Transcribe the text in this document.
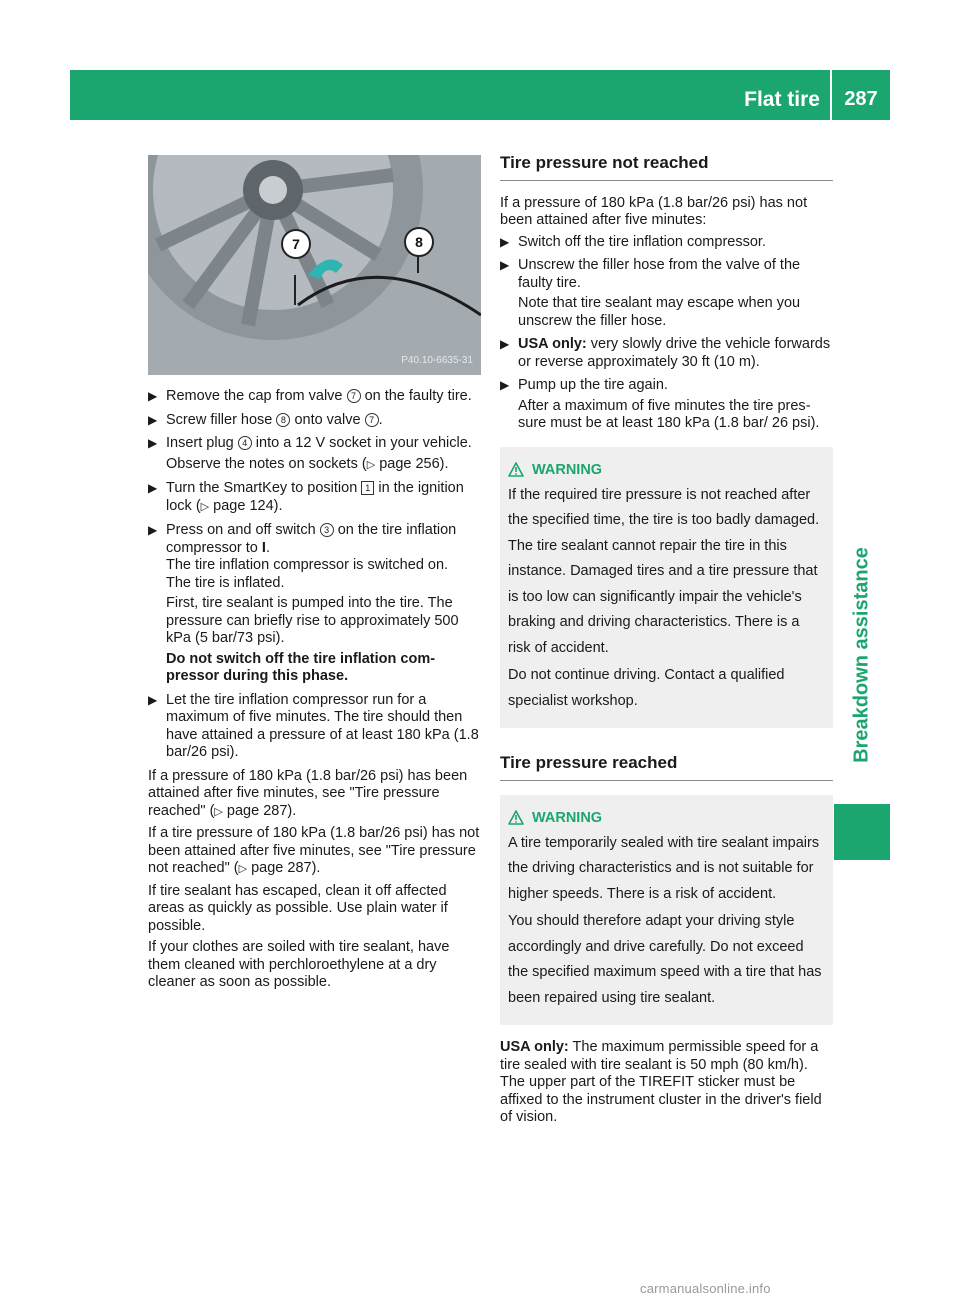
Flat tire	287
Breakdown assistance
7	8
P40.10-6635-31
▶ Remove the cap from valve 7 on the faulty tire.
▶ Screw filler hose 8 onto valve 7 .
▶ Insert plug 4 into a 12 V socket in your vehicle.
Observe the notes on sockets (▷ page 256).
▶ Turn the SmartKey to position 1 in the ignition lock (▷ page 124).
▶ Press on and off switch 3 on the tire inflation compressor to I.
The tire inflation compressor is switched on.
The tire is inflated.
First, tire sealant is pumped into the tire. The pressure can briefly rise to approximately 500 kPa (5 bar/73 psi).
Do not switch off the tire inflation compressor during this phase.
▶ Let the tire inflation compressor run for a maximum of five minutes. The tire should then have attained a pressure of at least 180 kPa (1.8 bar/26 psi).
If a pressure of 180 kPa (1.8 bar/26 psi) has been attained after five minutes, see "Tire pressure reached" (▷ page 287).
If a tire pressure of 180 kPa (1.8 bar/26 psi) has not been attained after five minutes, see "Tire pressure not reached" (▷ page 287).
If tire sealant has escaped, clean it off affected areas as quickly as possible. Use plain water if possible.
If your clothes are soiled with tire sealant, have them cleaned with perchloroethylene at a dry cleaner as soon as possible.
Tire pressure not reached
If a pressure of 180 kPa (1.8 bar/26 psi) has not been attained after five minutes:
▶ Switch off the tire inflation compressor.
▶ Unscrew the filler hose from the valve of the faulty tire.
Note that tire sealant may escape when you unscrew the filler hose.
▶ USA only: very slowly drive the vehicle forwards or reverse approximately 30 ft (10 m).
▶ Pump up the tire again.
After a maximum of five minutes the tire pressure must be at least 180 kPa (1.8 bar/ 26 psi).
WARNING

If the required tire pressure is not reached after the specified time, the tire is too badly damaged. The tire sealant cannot repair the tire in this instance. Damaged tires and a tire pressure that is too low can significantly impair the vehicle's braking and driving characteristics. There is a risk of accident.

Do not continue driving. Contact a qualified specialist workshop.

Tire pressure reached
WARNING

A tire temporarily sealed with tire sealant impairs the driving characteristics and is not suitable for higher speeds. There is a risk of accident.

You should therefore adapt your driving style accordingly and drive carefully. Do not exceed the specified maximum speed with a tire that has been repaired using tire sealant.

USA only: The maximum permissible speed for a tire sealed with tire sealant is 50 mph (80 km/h). The upper part of the TIREFIT sticker must be affixed to the instrument cluster in the driver's field of vision.
carmanualsonline.info
